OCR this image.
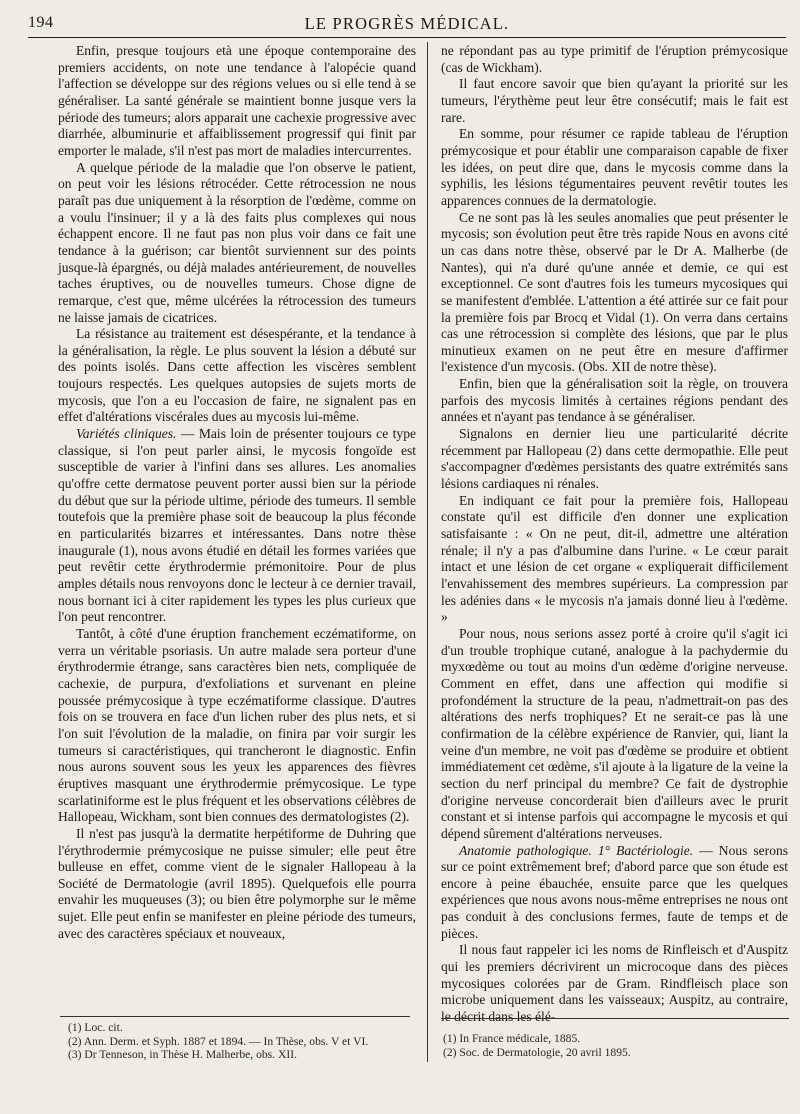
194	LE PROGRÈS MÉDICAL.

Enfin, presque toujours età une époque contemporaine des premiers accidents, on note une tendance à l'alopécie quand l'affection se développe sur des régions velues ou si elle tend à se généraliser. La santé générale se maintient bonne jusque vers la période des tumeurs; alors apparait une cachexie progressive avec diarrhée, albuminurie et affaiblissement progressif qui finit par emporter le malade, s'il n'est pas mort de maladies intercurrentes.

A quelque période de la maladie que l'on observe le patient, on peut voir les lésions rétrocéder. Cette rétrocession ne nous paraît pas due uniquement à la résorption de l'œdème, comme on a voulu l'insinuer; il y a là des faits plus complexes qui nous échappent encore. Il ne faut pas non plus voir dans ce fait une tendance à la guérison; car bientôt surviennent sur des points jusque-là épargnés, ou déjà malades antérieurement, de nouvelles taches éruptives, ou de nouvelles tumeurs. Chose digne de remarque, c'est que, même ulcérées la rétrocession des tumeurs ne laisse jamais de cicatrices.

La résistance au traitement est désespérante, et la tendance à la généralisation, la règle. Le plus souvent la lésion a débuté sur des points isolés. Dans cette affection les viscères semblent toujours respectés. Les quelques autopsies de sujets morts de mycosis, que l'on a eu l'occasion de faire, ne signalent pas en effet d'altérations viscérales dues au mycosis lui-même.

Variétés cliniques. — Mais loin de présenter toujours ce type classique, si l'on peut parler ainsi, le mycosis fongoïde est susceptible de varier à l'infini dans ses allures. Les anomalies qu'offre cette dermatose peuvent porter aussi bien sur la période du début que sur la période ultime, période des tumeurs. Il semble toutefois que la première phase soit de beaucoup la plus féconde en particularités bizarres et intéressantes. Dans notre thèse inaugurale (1), nous avons étudié en détail les formes variées que peut revêtir cette érythrodermie prémonitoire. Pour de plus amples détails nous renvoyons donc le lecteur à ce dernier travail, nous bornant ici à citer rapidement les types les plus curieux que l'on peut rencontrer.

Tantôt, à côté d'une éruption franchement eczématiforme, on verra un véritable psoriasis. Un autre malade sera porteur d'une érythrodermie étrange, sans caractères bien nets, compliquée de cachexie, de purpura, d'exfoliations et survenant en pleine poussée prémycosique à type eczématiforme classique. D'autres fois on se trouvera en face d'un lichen ruber des plus nets, et si l'on suit l'évolution de la maladie, on finira par voir surgir les tumeurs si caractéristiques, qui trancheront le diagnostic. Enfin nous aurons souvent sous les yeux les apparences des fièvres éruptives masquant une érythrodermie prémycosique. Le type scarlatiniforme est le plus fréquent et les observations célèbres de Hallopeau, Wickham, sont bien connues des dermatologistes (2).

Il n'est pas jusqu'à la dermatite herpétiforme de Duhring que l'érythrodermie prémycosique ne puisse simuler; elle peut être bulleuse en effet, comme vient de le signaler Hallopeau à la Société de Dermatologie (avril 1895). Quelquefois elle pourra envahir les muqueuses (3); ou bien être polymorphe sur le même sujet. Elle peut enfin se manifester en pleine période des tumeurs, avec des caractères spéciaux et nouveaux,

ne répondant pas au type primitif de l'éruption prémycosique (cas de Wickham).

Il faut encore savoir que bien qu'ayant la priorité sur les tumeurs, l'érythème peut leur être consécutif; mais le fait est rare.

En somme, pour résumer ce rapide tableau de l'éruption prémycosique et pour établir une comparaison capable de fixer les idées, on peut dire que, dans le mycosis comme dans la syphilis, les lésions tégumentaires peuvent revêtir toutes les apparences connues de la dermatologie.

Ce ne sont pas là les seules anomalies que peut présenter le mycosis; son évolution peut être très rapide Nous en avons cité un cas dans notre thèse, observé par le Dr A. Malherbe (de Nantes), qui n'a duré qu'une année et demie, ce qui est exceptionnel. Ce sont d'autres fois les tumeurs mycosiques qui se manifestent d'emblée. L'attention a été attirée sur ce fait pour la première fois par Brocq et Vidal (1). On verra dans certains cas une rétrocession si complète des lésions, que par le plus minutieux examen on ne peut être en mesure d'affirmer l'existence d'un mycosis. (Obs. XII de notre thèse).

Enfin, bien que la généralisation soit la règle, on trouvera parfois des mycosis limités à certaines régions pendant des années et n'ayant pas tendance à se généraliser.

Signalons en dernier lieu une particularité décrite récemment par Hallopeau (2) dans cette dermopathie. Elle peut s'accompagner d'œdèmes persistants des quatre extrémités sans lésions cardiaques ni rénales.

En indiquant ce fait pour la première fois, Hallopeau constate qu'il est difficile d'en donner une explication satisfaisante : « On ne peut, dit-il, admettre une altération rénale; il n'y a pas d'albumine dans l'urine. « Le cœur parait intact et une lésion de cet organe « expliquerait difficilement l'envahissement des membres supérieurs. La compression par les adénies dans « le mycosis n'a jamais donné lieu à l'œdème. »

Pour nous, nous serions assez porté à croire qu'il s'agit ici d'un trouble trophique cutané, analogue à la pachydermie du myxœdème ou tout au moins d'un œdème d'origine nerveuse. Comment en effet, dans une affection qui modifie si profondément la structure de la peau, n'admettrait-on pas des altérations des nerfs trophiques? Et ne serait-ce pas là une confirmation de la célèbre expérience de Ranvier, qui, liant la veine d'un membre, ne voit pas d'œdème se produire et obtient immédiatement cet œdème, s'il ajoute à la ligature de la veine la section du nerf principal du membre? Ce fait de dystrophie d'origine nerveuse concorderait bien d'ailleurs avec le prurit constant et si intense parfois qui accompagne le mycosis et qui dépend sûrement d'altérations nerveuses.

Anatomie pathologique. 1° Bactériologie. — Nous serons sur ce point extrêmement bref; d'abord parce que son étude est encore à peine ébauchée, ensuite parce que les quelques expériences que nous avons nous-même entreprises ne nous ont pas conduit à des conclusions fermes, faute de temps et de pièces.

Il nous faut rappeler ici les noms de Rinfleisch et d'Auspitz qui les premiers décrivirent un microcoque dans des pièces mycosiques colorées par de Gram. Rindfleisch place son microbe uniquement dans les vaisseaux; Auspitz, au contraire, le décrit dans les élé-

(1) Loc. cit.
(2) Ann. Derm. et Syph. 1887 et 1894. — In Thèse, obs. V et VI.
(3) Dr Tenneson, in Thèse H. Malherbe, obs. XII.
(1) In France médicale, 1885.
(2) Soc. de Dermatologie, 20 avril 1895.
